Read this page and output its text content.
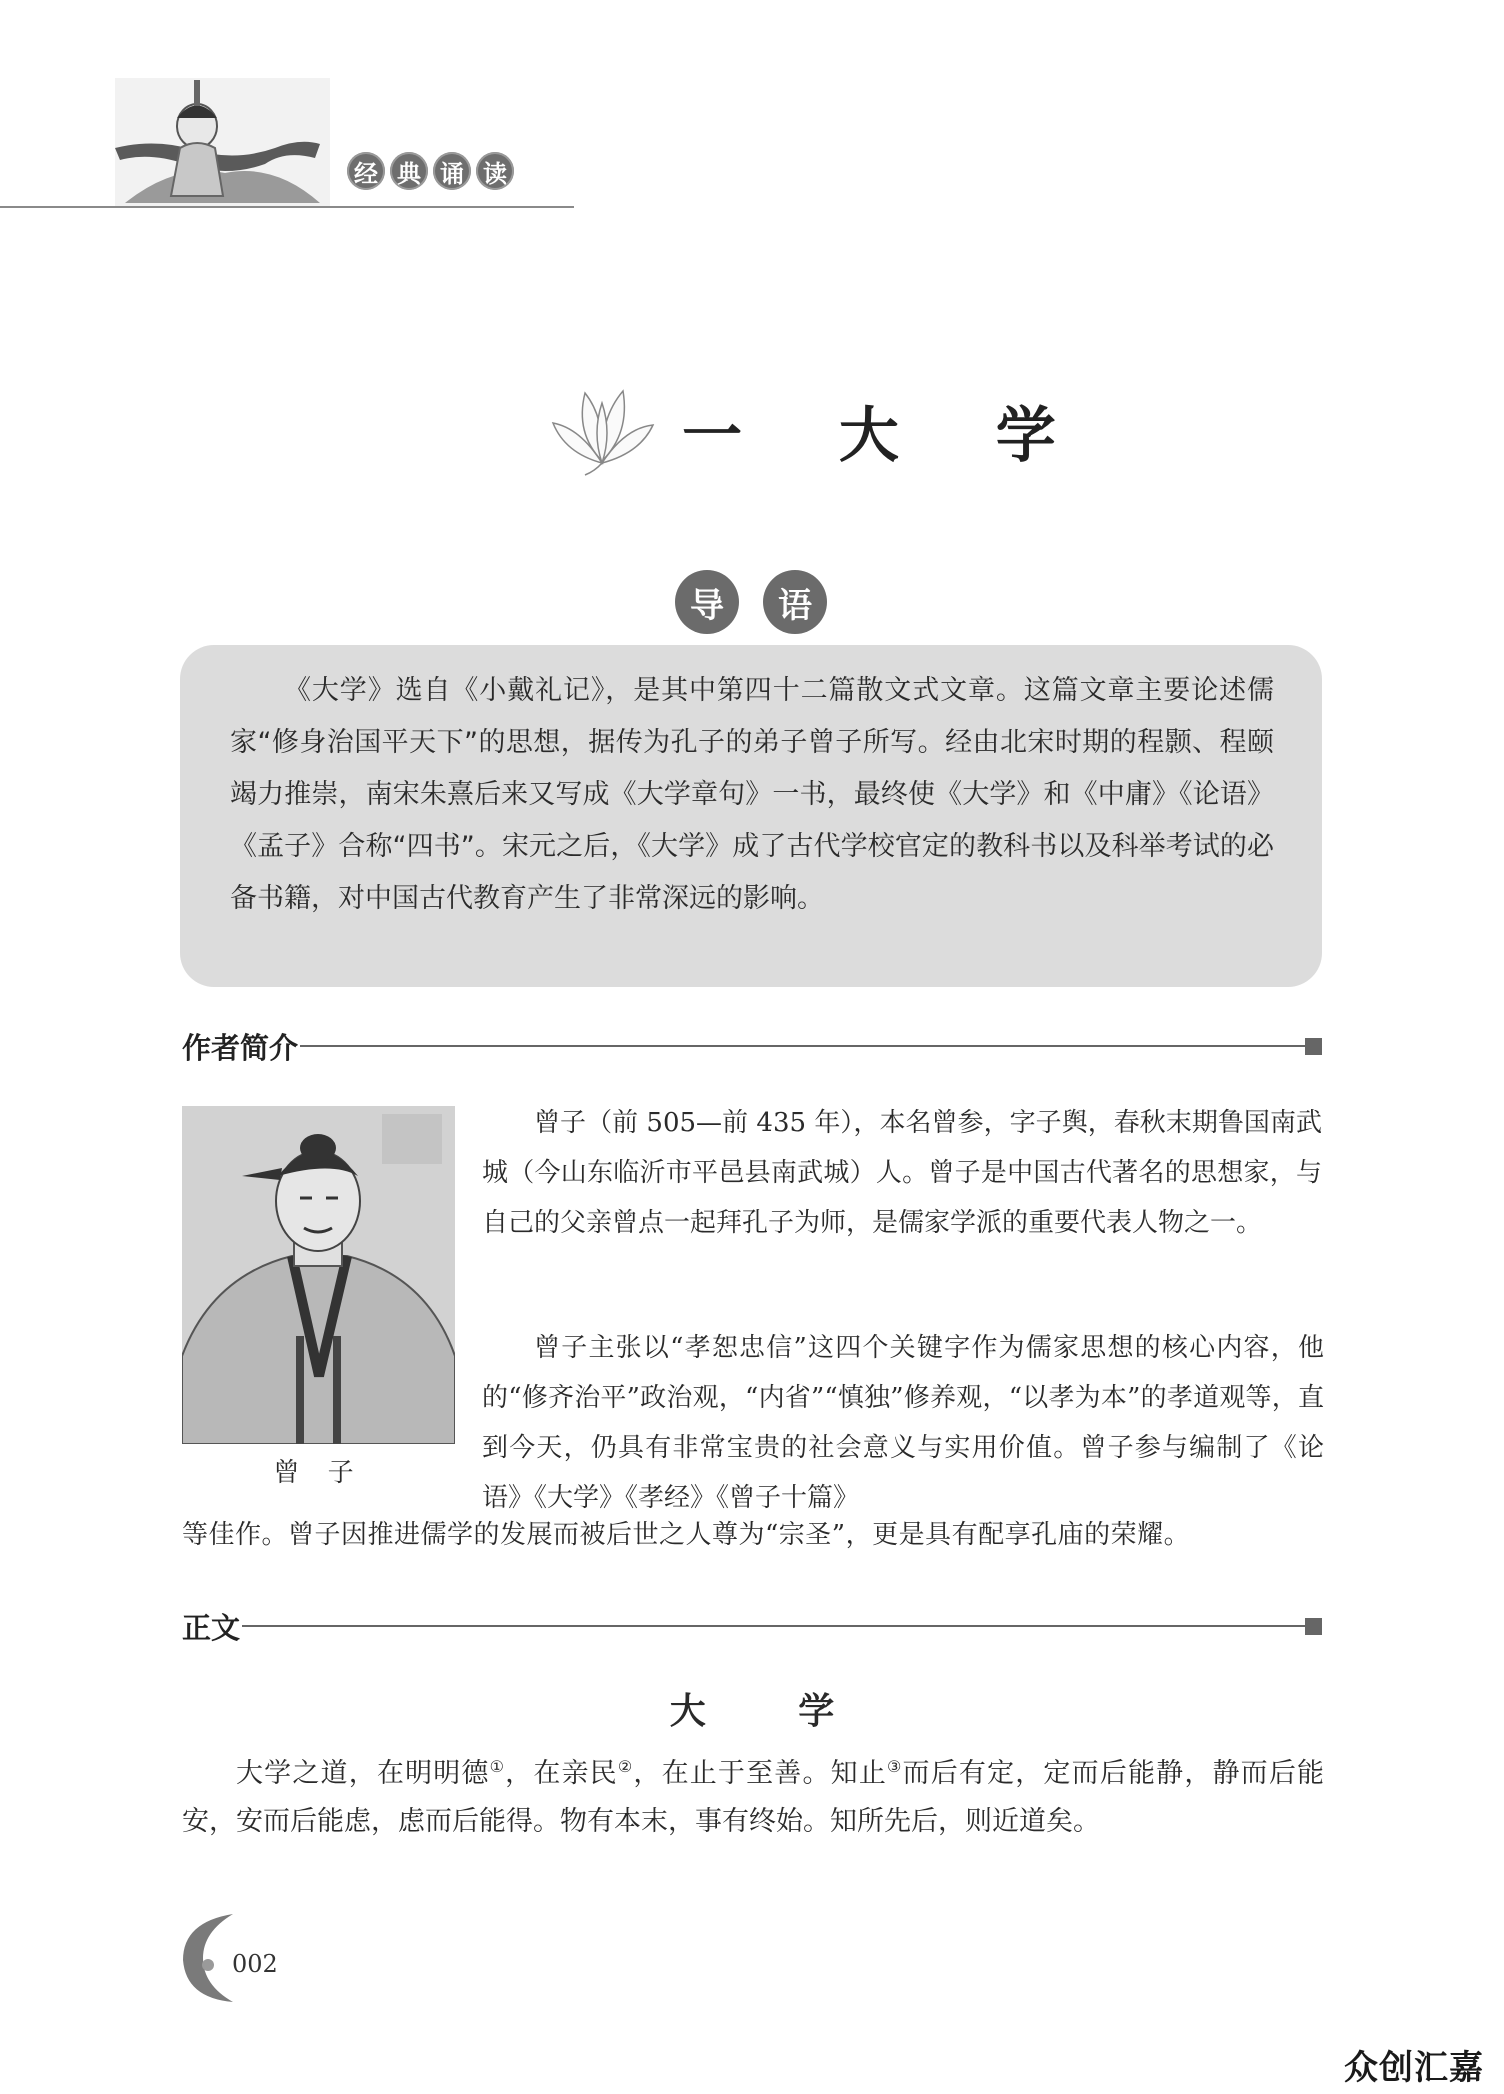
经 典 诵 读
一 大 学
导	语

《大学》选自《小戴礼记》，是其中第四十二篇散文式文章。这篇文章主要论述儒家“修身治国平天下”的思想，据传为孔子的弟子曾子所写。经由北宋时期的程颢、程颐竭力推崇，南宋朱熹后来又写成《大学章句》一书，最终使《大学》和《中庸》《论语》《孟子》合称“四书”。宋元之后，《大学》成了古代学校官定的教科书以及科举考试的必备书籍，对中国古代教育产生了非常深远的影响。

作者简介
曾 子

曾子（前 505—前 435 年），本名曾参，字子舆，春秋末期鲁国南武城（今山东临沂市平邑县南武城）人。曾子是中国古代著名的思想家，与自己的父亲曾点一起拜孔子为师，是儒家学派的重要代表人物之一。

曾子主张以“孝恕忠信”这四个关键字作为儒家思想的核心内容，他的“修齐治平”政治观，“内省”“慎独”修养观，“以孝为本”的孝道观等，直到今天，仍具有非常宝贵的社会意义与实用价值。曾子参与编制了《论语》《大学》《孝经》《曾子十篇》

等佳作。曾子因推进儒学的发展而被后世之人尊为“宗圣”，更是具有配享孔庙的荣耀。

正文
大 学

大学之道，在明明德①，在亲民②，在止于至善。知止③而后有定，定而后能静，静而后能安，安而后能虑，虑而后能得。物有本末，事有终始。知所先后，则近道矣。

002
众创汇嘉
